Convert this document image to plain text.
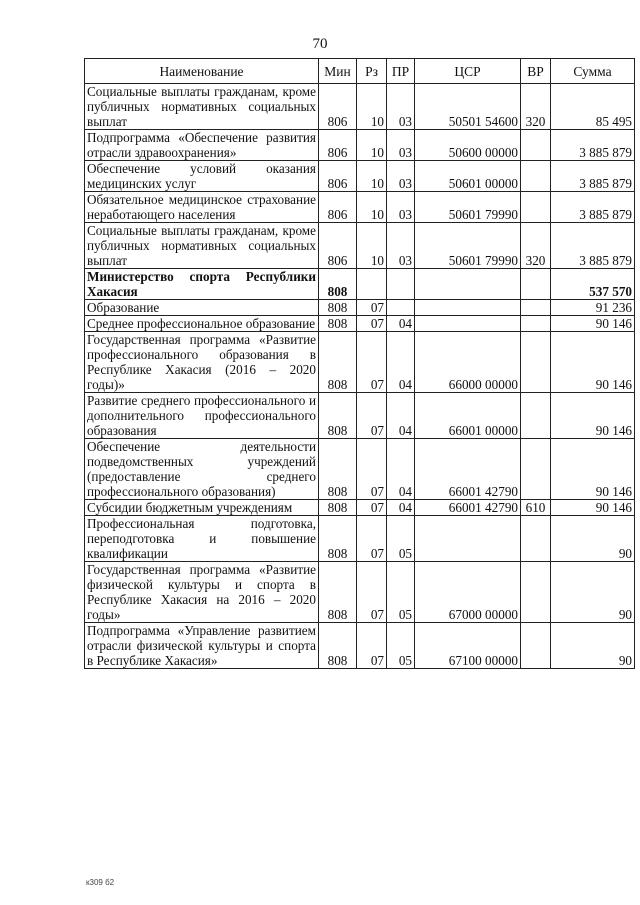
70
Наименование	Мин	Рз	ПР	ЦСР	ВР	Сумма
Социальные выплаты гражданам, кроме публичных нормативных социальных выплат	806	10	03	50501 54600	320	85 495
Подпрограмма «Обеспечение развития отрасли здравоохранения»	806	10	03	50600 00000		3 885 879
Обеспечение условий оказания медицинских услуг	806	10	03	50601 00000		3 885 879
Обязательное медицинское страхование неработающего населения	806	10	03	50601 79990		3 885 879
Социальные выплаты гражданам, кроме публичных нормативных социальных выплат	806	10	03	50601 79990	320	3 885 879
Министерство спорта Республики Хакасия	808					537 570
Образование	808	07				91 236
Среднее профессиональное образование	808	07	04			90 146
Государственная программа «Развитие профессионального образования в Республике Хакасия (2016 – 2020 годы)»	808	07	04	66000 00000		90 146
Развитие среднего профессионального и дополнительного профессионального образования	808	07	04	66001 00000		90 146
Обеспечение деятельности подведомственных учреждений (предоставление среднего профессионального образования)	808	07	04	66001 42790		90 146
Субсидии бюджетным учреждениям	808	07	04	66001 42790	610	90 146
Профессиональная подготовка, переподготовка и повышение квалификации	808	07	05			90
Государственная программа «Развитие физической культуры и спорта в Республике Хакасия на 2016 – 2020 годы»	808	07	05	67000 00000		90
Подпрограмма «Управление развитием отрасли физической культуры и спорта в Республике Хакасия»	808	07	05	67100 00000		90
к309 б2
